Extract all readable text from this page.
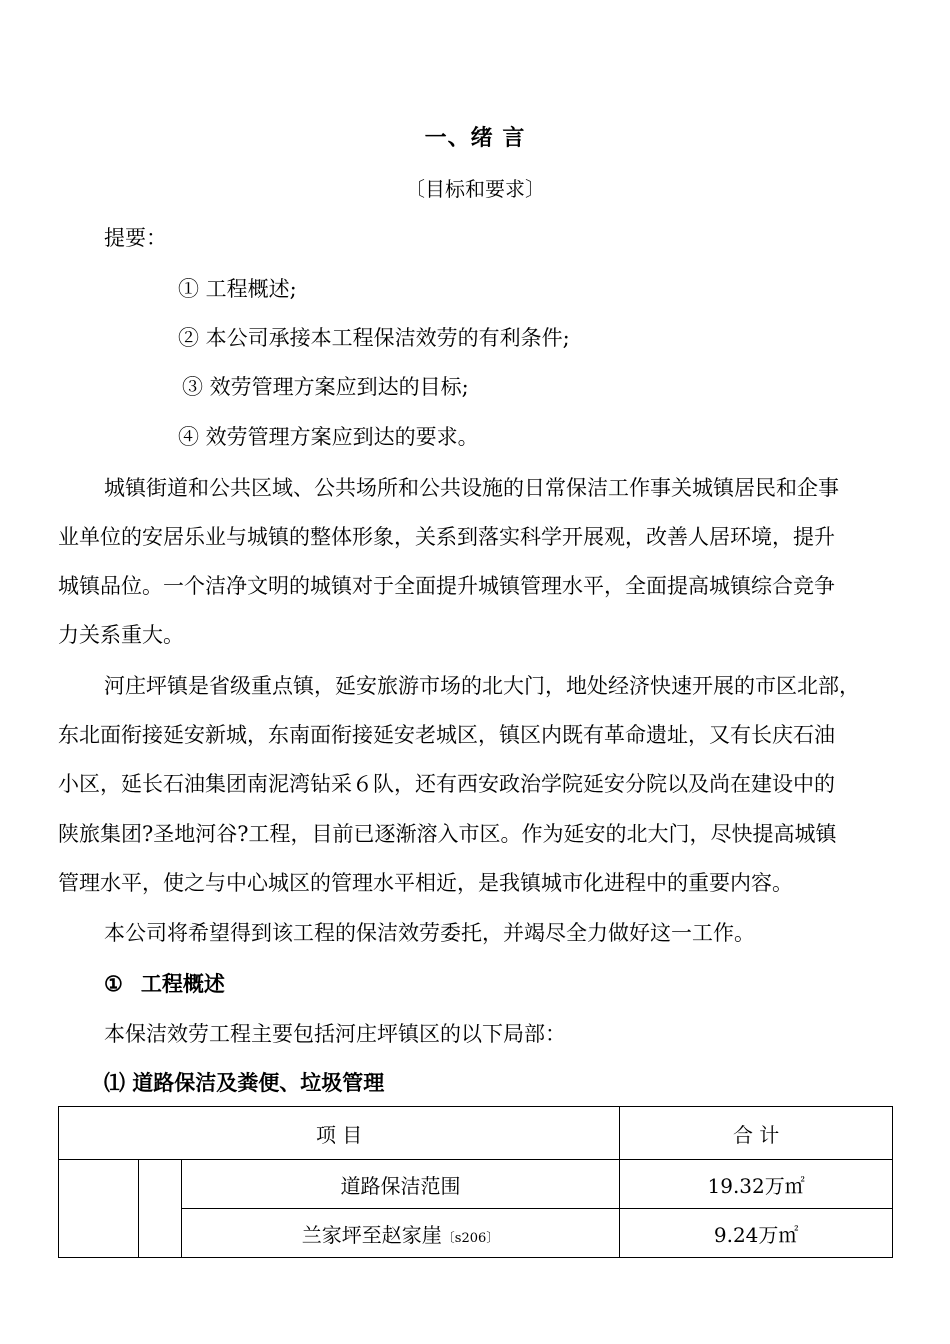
一、绪 言
〔目标和要求〕
提要：
① 工程概述;
② 本公司承接本工程保洁效劳的有利条件;
③ 效劳管理方案应到达的目标;
④ 效劳管理方案应到达的要求。
城镇街道和公共区域、公共场所和公共设施的日常保洁工作事关城镇居民和企事
业单位的安居乐业与城镇的整体形象，关系到落实科学开展观，改善人居环境，提升
城镇品位。一个洁净文明的城镇对于全面提升城镇管理水平，全面提高城镇综合竞争
力关系重大。
河庄坪镇是省级重点镇，延安旅游市场的北大门，地处经济快速开展的市区北部，
东北面衔接延安新城，东南面衔接延安老城区，镇区内既有革命遗址，又有长庆石油
小区，延长石油集团南泥湾钻采６队，还有西安政治学院延安分院以及尚在建设中的
陕旅集团?圣地河谷?工程，目前已逐渐溶入市区。作为延安的北大门，尽快提高城镇
管理水平，使之与中心城区的管理水平相近，是我镇城市化进程中的重要内容。
本公司将希望得到该工程的保洁效劳委托，并竭尽全力做好这一工作。
① 工程概述
本保洁效劳工程主要包括河庄坪镇区的以下局部：
⑴ 道路保洁及粪便、垃圾管理
项 目			合 计
		道路保洁范围	19.32万㎡
		兰家坪至赵家崖〔s206〕	9.24万㎡
